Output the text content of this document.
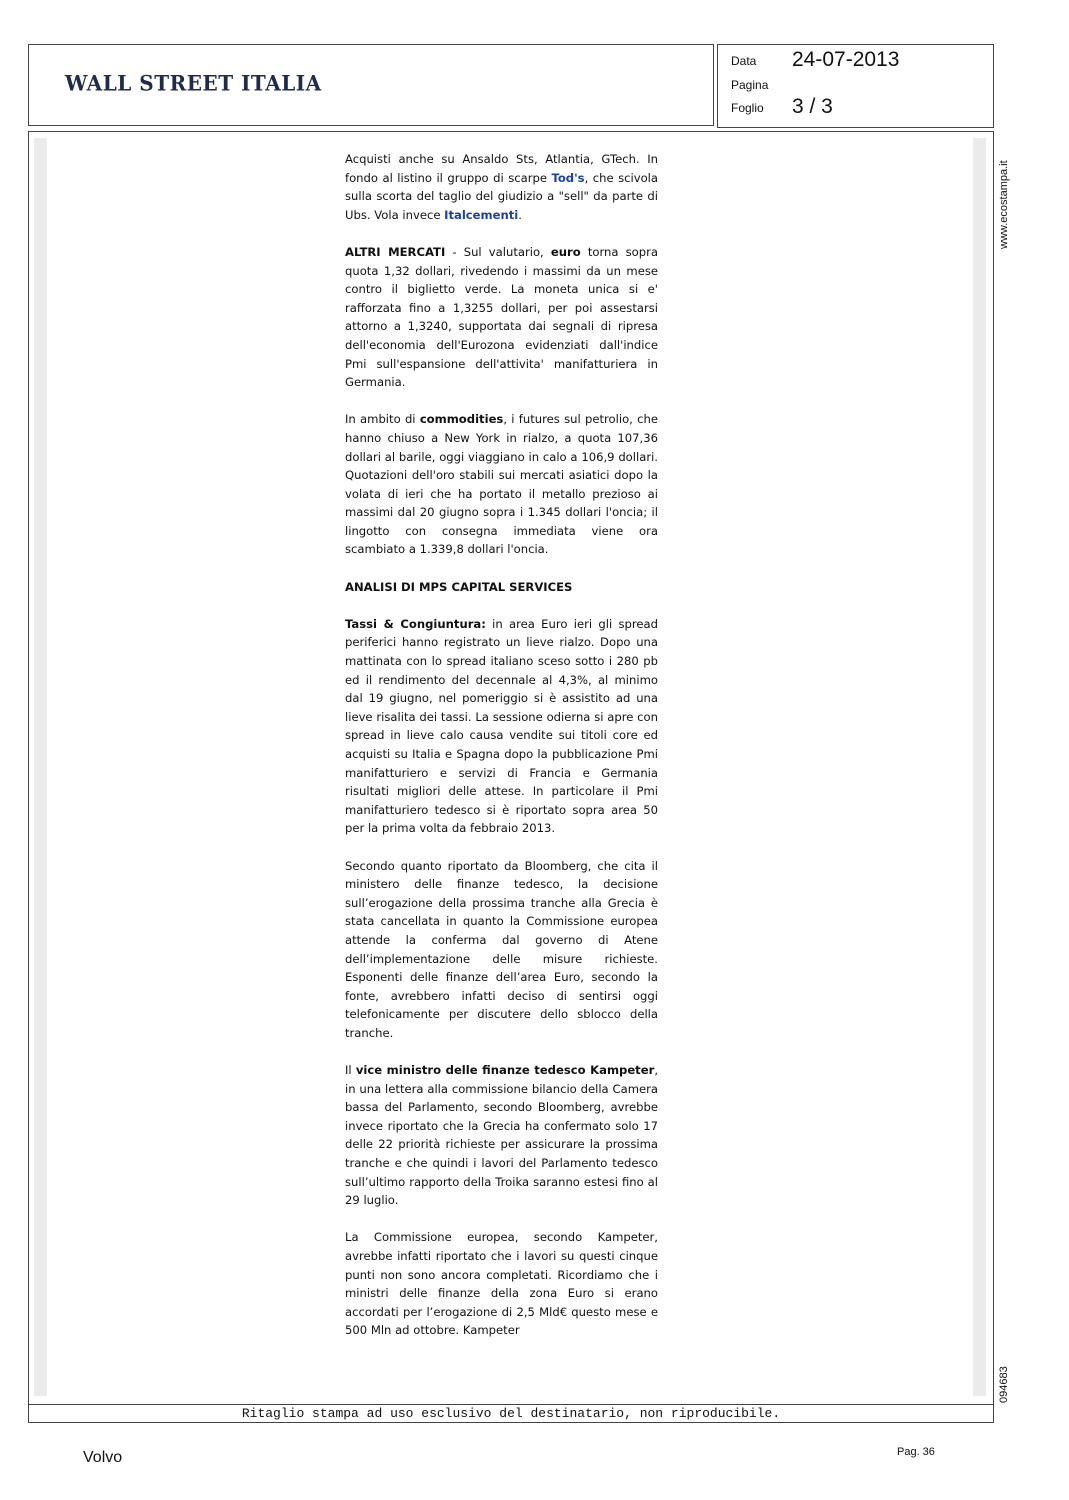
WALL STREET ITALIA
Data 24-07-2013
Pagina
Foglio 3 / 3
www.ecostampa.it
094683

Acquisti anche su Ansaldo Sts, Atlantia, GTech. In fondo al listino il gruppo di scarpe Tod's, che scivola sulla scorta del taglio del giudizio a "sell" da parte di Ubs. Vola invece Italcementi.

ALTRI MERCATI - Sul valutario, euro torna sopra quota 1,32 dollari, rivedendo i massimi da un mese contro il biglietto verde. La moneta unica si e' rafforzata fino a 1,3255 dollari, per poi assestarsi attorno a 1,3240, supportata dai segnali di ripresa dell'economia dell'Eurozona evidenziati dall'indice Pmi sull'espansione dell'attivita' manifatturiera in Germania.

In ambito di commodities, i futures sul petrolio, che hanno chiuso a New York in rialzo, a quota 107,36 dollari al barile, oggi viaggiano in calo a 106,9 dollari. Quotazioni dell'oro stabili sui mercati asiatici dopo la volata di ieri che ha portato il metallo prezioso ai massimi dal 20 giugno sopra i 1.345 dollari l'oncia; il lingotto con consegna immediata viene ora scambiato a 1.339,8 dollari l'oncia.

ANALISI DI MPS CAPITAL SERVICES

Tassi & Congiuntura: in area Euro ieri gli spread periferici hanno registrato un lieve rialzo. Dopo una mattinata con lo spread italiano sceso sotto i 280 pb ed il rendimento del decennale al 4,3%, al minimo dal 19 giugno, nel pomeriggio si è assistito ad una lieve risalita dei tassi. La sessione odierna si apre con spread in lieve calo causa vendite sui titoli core ed acquisti su Italia e Spagna dopo la pubblicazione Pmi manifatturiero e servizi di Francia e Germania risultati migliori delle attese. In particolare il Pmi manifatturiero tedesco si è riportato sopra area 50 per la prima volta da febbraio 2013.

Secondo quanto riportato da Bloomberg, che cita il ministero delle finanze tedesco, la decisione sull’erogazione della prossima tranche alla Grecia è stata cancellata in quanto la Commissione europea attende la conferma dal governo di Atene dell’implementazione delle misure richieste. Esponenti delle finanze dell’area Euro, secondo la fonte, avrebbero infatti deciso di sentirsi oggi telefonicamente per discutere dello sblocco della tranche.

Il vice ministro delle finanze tedesco Kampeter, in una lettera alla commissione bilancio della Camera bassa del Parlamento, secondo Bloomberg, avrebbe invece riportato che la Grecia ha confermato solo 17 delle 22 priorità richieste per assicurare la prossima tranche e che quindi i lavori del Parlamento tedesco sull’ultimo rapporto della Troika saranno estesi fino al 29 luglio.

La Commissione europea, secondo Kampeter, avrebbe infatti riportato che i lavori su questi cinque punti non sono ancora completati. Ricordiamo che i ministri delle finanze della zona Euro si erano accordati per l’erogazione di 2,5 Mld€ questo mese e 500 Mln ad ottobre. Kampeter

Ritaglio stampa ad uso esclusivo del destinatario, non riproducibile.
Volvo	Pag. 36
